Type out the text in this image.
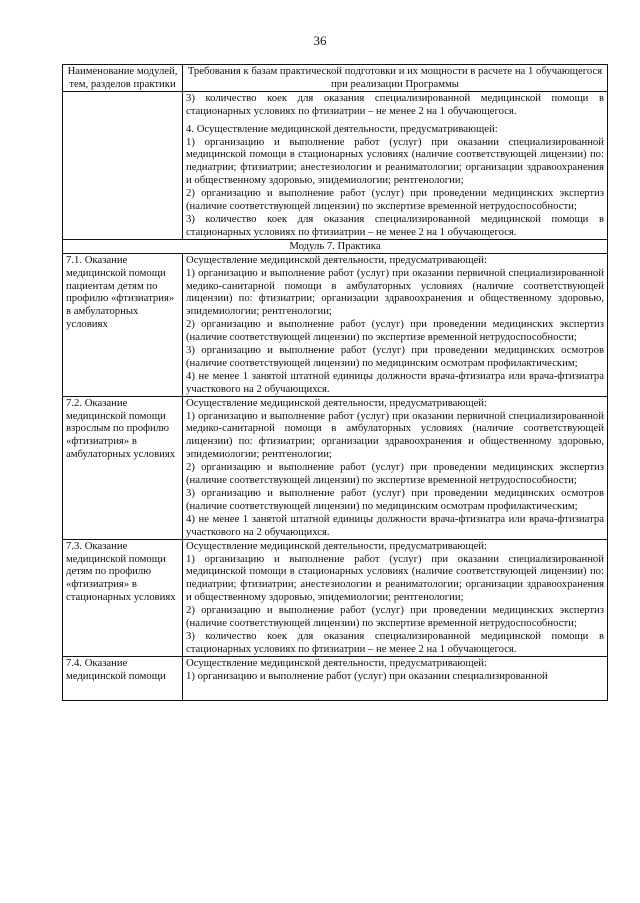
36
Наименование модулей, тем, разделов практики	Требования к базам практической подготовки и их мощности в расчете на 1 обучающегося при реализации Программы

	3) количество коек для оказания специализированной медицинской помощи в стационарных условиях по фтизиатрии – не менее 2 на 1 обучающегося.
4. Осуществление медицинской деятельности, предусматривающей:
1) организацию и выполнение работ (услуг) при оказании специализированной медицинской помощи в стационарных условиях (наличие соответствующей лицензии) по: педиатрии; фтизиатрии; анестезиологии и реаниматологии; организации здравоохранения и общественному здоровью, эпидемиологии; рентгенологии;
2) организацию и выполнение работ (услуг) при проведении медицинских экспертиз (наличие соответствующей лицензии) по экспертизе временной нетрудоспособности;
3) количество коек для оказания специализированной медицинской помощи в стационарных условиях по фтизиатрии – не менее 2 на 1 обучающегося.

Модуль 7. Практика	
7.1. Оказание медицинской помощи пациентам детям по профилю «фтизиатрия» в амбулаторных условиях	Осуществление медицинской деятельности, предусматривающей:
1) организацию и выполнение работ (услуг) при оказании первичной специализированной медико-санитарной помощи в амбулаторных условиях (наличие соответствующей лицензии) по: фтизиатрии; организации здравоохранения и общественному здоровью, эпидемиологии; рентгенологии;
2) организацию и выполнение работ (услуг) при проведении медицинских экспертиз (наличие соответствующей лицензии) по экспертизе временной нетрудоспособности;
3) организацию и выполнение работ (услуг) при проведении медицинских осмотров (наличие соответствующей лицензии) по медицинским осмотрам профилактическим;
4) не менее 1 занятой штатной единицы должности врача-фтизиатра или врача-фтизиатра участкового на 2 обучающихся.

7.2. Оказание медицинской помощи взрослым по профилю «фтизиатрия» в амбулаторных условиях	Осуществление медицинской деятельности, предусматривающей:
1) организацию и выполнение работ (услуг) при оказании первичной специализированной медико-санитарной помощи в амбулаторных условиях (наличие соответствующей лицензии) по: фтизиатрии; организации здравоохранения и общественному здоровью, эпидемиологии; рентгенологии;
2) организацию и выполнение работ (услуг) при проведении медицинских экспертиз (наличие соответствующей лицензии) по экспертизе временной нетрудоспособности;
3) организацию и выполнение работ (услуг) при проведении медицинских осмотров (наличие соответствующей лицензии) по медицинским осмотрам профилактическим;
4) не менее 1 занятой штатной единицы должности врача-фтизиатра или врача-фтизиатра участкового на 2 обучающихся.

7.3. Оказание медицинской помощи детям по профилю «фтизиатрия» в стационарных условиях	Осуществление медицинской деятельности, предусматривающей:
1) организацию и выполнение работ (услуг) при оказании специализированной медицинской помощи в стационарных условиях (наличие соответствующей лицензии) по: педиатрии; фтизиатрии; анестезиологии и реаниматологии; организации здравоохранения и общественному здоровью, эпидемиологии; рентгенологии;
2) организацию и выполнение работ (услуг) при проведении медицинских экспертиз (наличие соответствующей лицензии) по экспертизе временной нетрудоспособности;
3) количество коек для оказания специализированной медицинской помощи в стационарных условиях по фтизиатрии – не менее 2 на 1 обучающегося.

7.4. Оказание медицинской помощи	Осуществление медицинской деятельности, предусматривающей:
1) организацию и выполнение работ (услуг) при оказании специализированной
